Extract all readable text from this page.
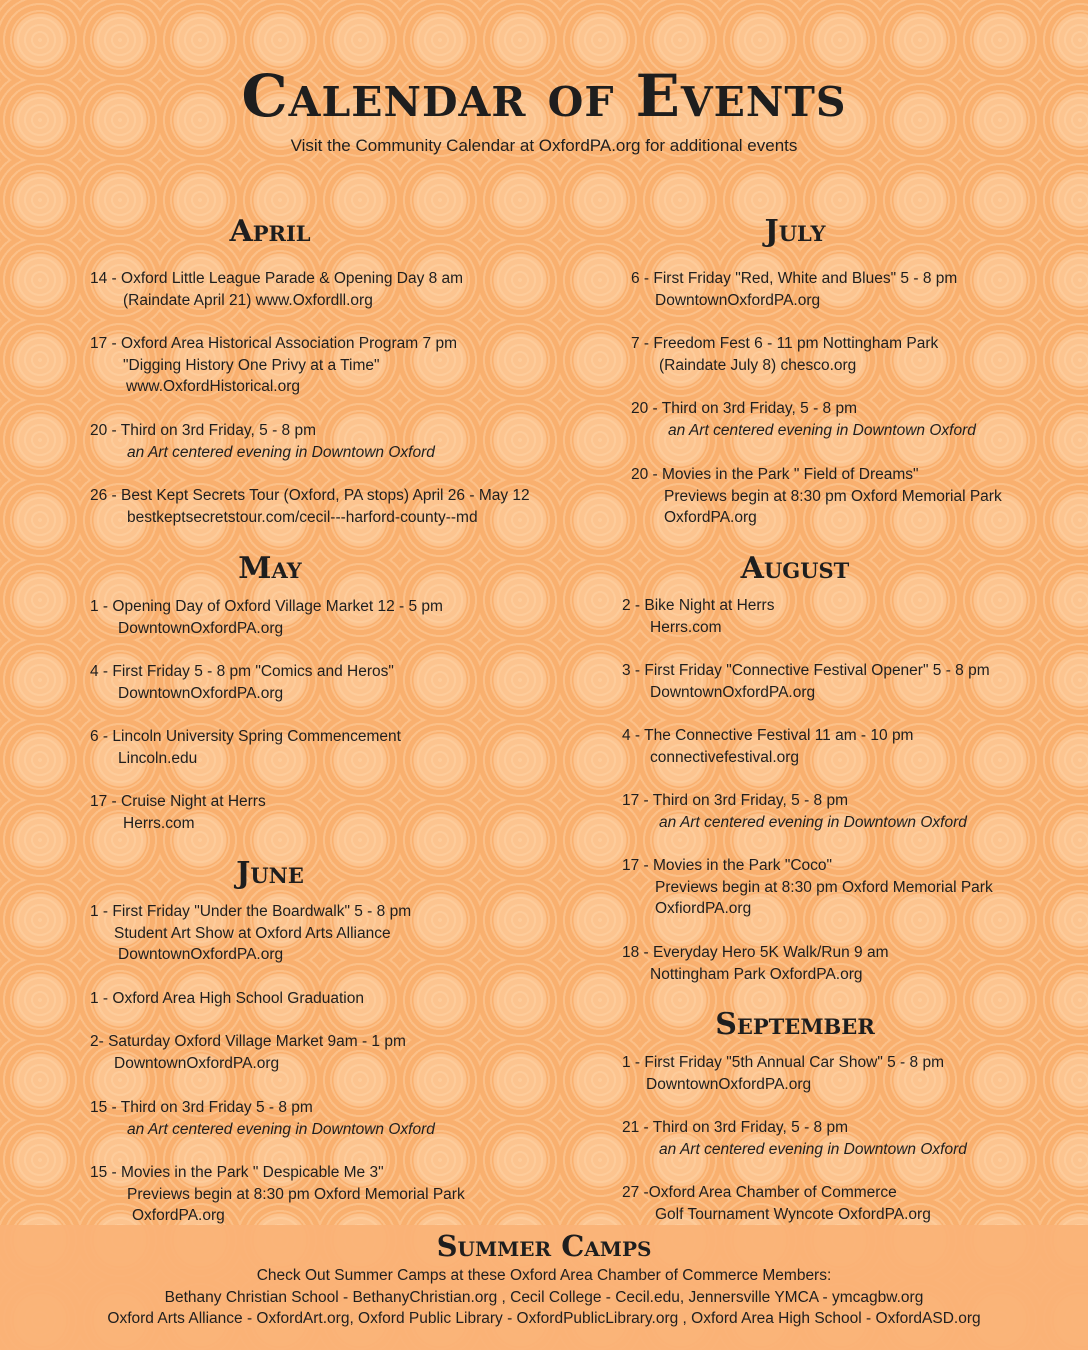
Calendar of Events

Visit the Community Calendar at OxfordPA.org for additional events

April
14 - Oxford Little League Parade & Opening Day 8 am
(Raindate April 21) www.Oxfordll.org
17 - Oxford Area Historical Association Program 7 pm
"Digging History One Privy at a Time"
www.OxfordHistorical.org
20 - Third on 3rd Friday, 5 - 8 pm
an Art centered evening in Downtown Oxford
26 - Best Kept Secrets Tour (Oxford, PA stops) April 26 - May 12
bestkeptsecretstour.com/cecil---harford-county--md
May
1 - Opening Day of Oxford Village Market 12 - 5 pm
DowntownOxfordPA.org
4 - First Friday 5 - 8 pm "Comics and Heros"
DowntownOxfordPA.org
6 - Lincoln University Spring Commencement
Lincoln.edu
17 - Cruise Night at Herrs
Herrs.com
June
1 - First Friday "Under the Boardwalk" 5 - 8 pm
Student Art Show at Oxford Arts Alliance
DowntownOxfordPA.org
1 - Oxford Area High School Graduation
2- Saturday Oxford Village Market 9am - 1 pm
DowntownOxfordPA.org
15 - Third on 3rd Friday 5 - 8 pm
an Art centered evening in Downtown Oxford
15 - Movies in the Park " Despicable Me 3"
Previews begin at 8:30 pm Oxford Memorial Park
OxfordPA.org
July
6 - First Friday "Red, White and Blues" 5 - 8 pm
DowntownOxfordPA.org
7 - Freedom Fest 6 - 11 pm Nottingham Park
(Raindate July 8) chesco.org
20 - Third on 3rd Friday, 5 - 8 pm
an Art centered evening in Downtown Oxford
20 - Movies in the Park " Field of Dreams"
Previews begin at 8:30 pm Oxford Memorial Park
OxfordPA.org
August
2 - Bike Night at Herrs
Herrs.com
3 - First Friday "Connective Festival Opener" 5 - 8 pm
DowntownOxfordPA.org
4 - The Connective Festival 11 am - 10 pm
connectivefestival.org
17 - Third on 3rd Friday, 5 - 8 pm
an Art centered evening in Downtown Oxford
17 - Movies in the Park "Coco"
Previews begin at 8:30 pm Oxford Memorial Park
OxfiordPA.org
18 - Everyday Hero 5K Walk/Run 9 am
Nottingham Park OxfordPA.org
September
1 - First Friday "5th Annual Car Show" 5 - 8 pm
DowntownOxfordPA.org
21 - Third on 3rd Friday, 5 - 8 pm
an Art centered evening in Downtown Oxford
27 -Oxford Area Chamber of Commerce
Golf Tournament Wyncote OxfordPA.org
Summer Camps
Check Out Summer Camps at these Oxford Area Chamber of Commerce Members:
Bethany Christian School - BethanyChristian.org , Cecil College - Cecil.edu, Jennersville YMCA - ymcagbw.org
Oxford Arts Alliance - OxfordArt.org, Oxford Public Library - OxfordPublicLibrary.org , Oxford Area High School - OxfordASD.org
